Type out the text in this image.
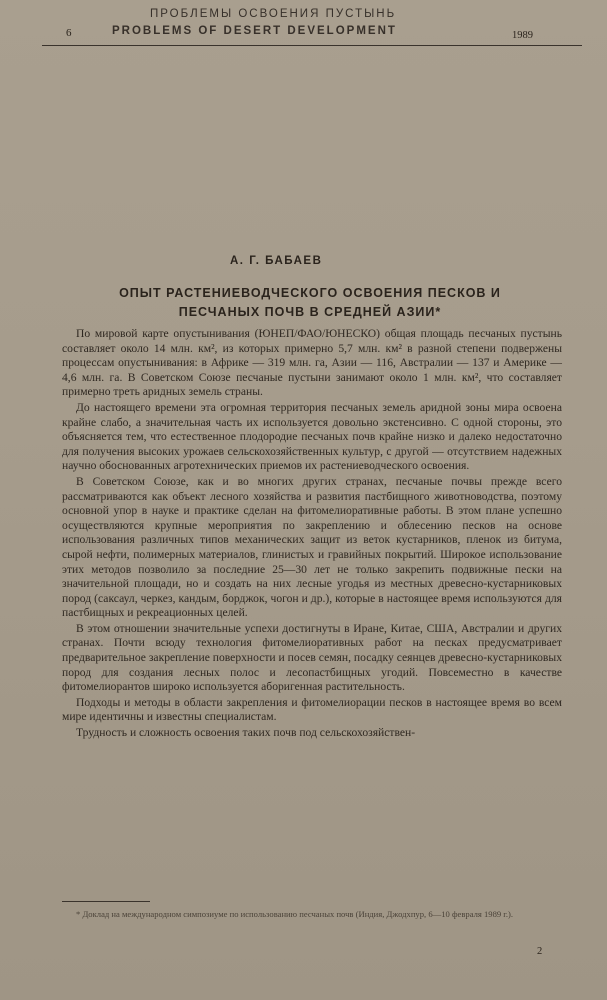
ПРОБЛЕМЫ ОСВОЕНИЯ ПУСТЫНЬ
6	PROBLEMS OF DESERT DEVELOPMENT	1989
А. Г. БАБАЕВ
ОПЫТ РАСТЕНИЕВОДЧЕСКОГО ОСВОЕНИЯ ПЕСКОВ И
ПЕСЧАНЫХ ПОЧВ В СРЕДНЕЙ АЗИИ*

По мировой карте опустынивания (ЮНЕП/ФАО/ЮНЕСКО) общая площадь песчаных пустынь составляет около 14 млн. км², из которых примерно 5,7 млн. км² в разной степени подвержены процессам опустынивания: в Африке — 319 млн. га, Азии — 116, Австралии — 137 и Америке — 4,6 млн. га. В Советском Союзе песчаные пустыни занимают около 1 млн. км², что составляет примерно треть аридных земель страны.

До настоящего времени эта огромная территория песчаных земель аридной зоны мира освоена крайне слабо, а значительная часть их используется довольно экстенсивно. С одной стороны, это объясняется тем, что естественное плодородие песчаных почв крайне низко и далеко недостаточно для получения высоких урожаев сельскохозяйственных культур, с другой — отсутствием надежных научно обоснованных агротехнических приемов их растениеводческого освоения.

В Советском Союзе, как и во многих других странах, песчаные почвы прежде всего рассматриваются как объект лесного хозяйства и развития пастбищного животноводства, поэтому основной упор в науке и практике сделан на фитомелиоративные работы. В этом плане успешно осуществляются крупные мероприятия по закреплению и облесению песков на основе использования различных типов механических защит из веток кустарников, пленок из битума, сырой нефти, полимерных материалов, глинистых и гравийных покрытий. Широкое использование этих методов позволило за последние 25—30 лет не только закрепить подвижные пески на значительной площади, но и создать на них лесные угодья из местных древесно-кустарниковых пород (саксаул, черкез, кандым, борджок, чогон и др.), которые в настоящее время используются для пастбищных и рекреационных целей.

В этом отношении значительные успехи достигнуты в Иране, Китае, США, Австралии и других странах. Почти всюду технология фитомелиоративных работ на песках предусматривает предварительное закрепление поверхности и посев семян, посадку сеянцев древесно-кустарниковых пород для создания лесных полос и лесопастбищных угодий. Повсеместно в качестве фитомелиорантов широко используется аборигенная растительность.

Подходы и методы в области закрепления и фитомелиорации песков в настоящее время во всем мире идентичны и известны специалистам.

Трудность и сложность освоения таких почв под сельскохозяйствен-

* Доклад на международном симпозиуме по использованию песчаных почв (Индия, Джодхпур, 6—10 февраля 1989 г.).
2
